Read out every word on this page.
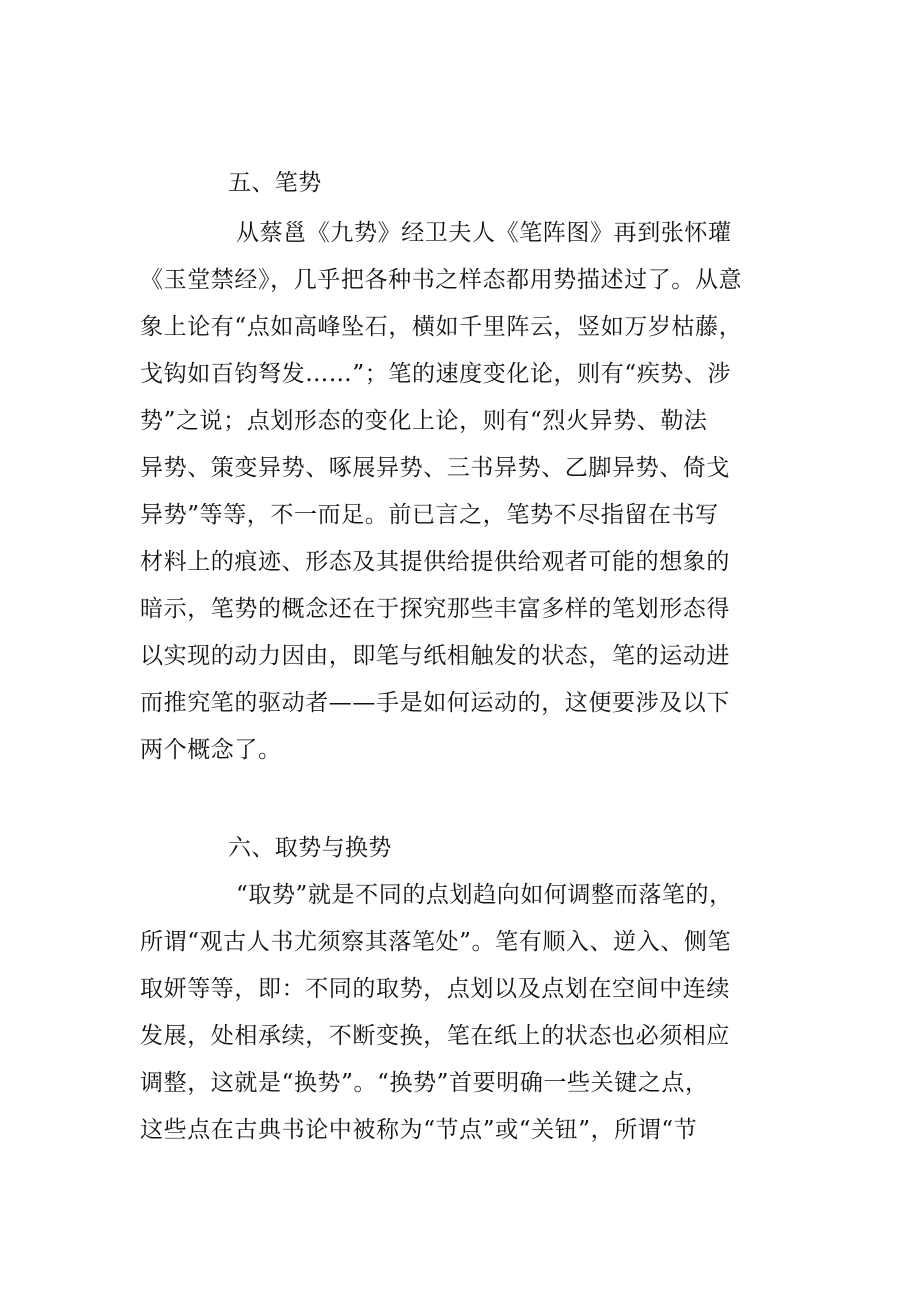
五、笔势
从蔡邕《九势》经卫夫人《笔阵图》再到张怀瓘
《玉堂禁经》，几乎把各种书之样态都用势描述过了。从意
象上论有“点如高峰坠石，横如千里阵云，竖如万岁枯藤，
戈钩如百钧弩发……”；笔的速度变化论，则有“疾势、涉
势”之说；点划形态的变化上论，则有“烈火异势、勒法
异势、策变异势、啄展异势、三书异势、乙脚异势、倚戈
异势”等等，不一而足。前已言之，笔势不尽指留在书写
材料上的痕迹、形态及其提供给提供给观者可能的想象的
暗示，笔势的概念还在于探究那些丰富多样的笔划形态得
以实现的动力因由，即笔与纸相触发的状态，笔的运动进
而推究笔的驱动者——手是如何运动的，这便要涉及以下
两个概念了。
六、取势与换势
“取势”就是不同的点划趋向如何调整而落笔的，
所谓“观古人书尤须察其落笔处”。笔有顺入、逆入、侧笔
取妍等等，即：不同的取势，点划以及点划在空间中连续
发展，处相承续，不断变换，笔在纸上的状态也必须相应
调整，这就是“换势”。“换势”首要明确一些关键之点，
这些点在古典书论中被称为“节点”或“关钮”，所谓“节
